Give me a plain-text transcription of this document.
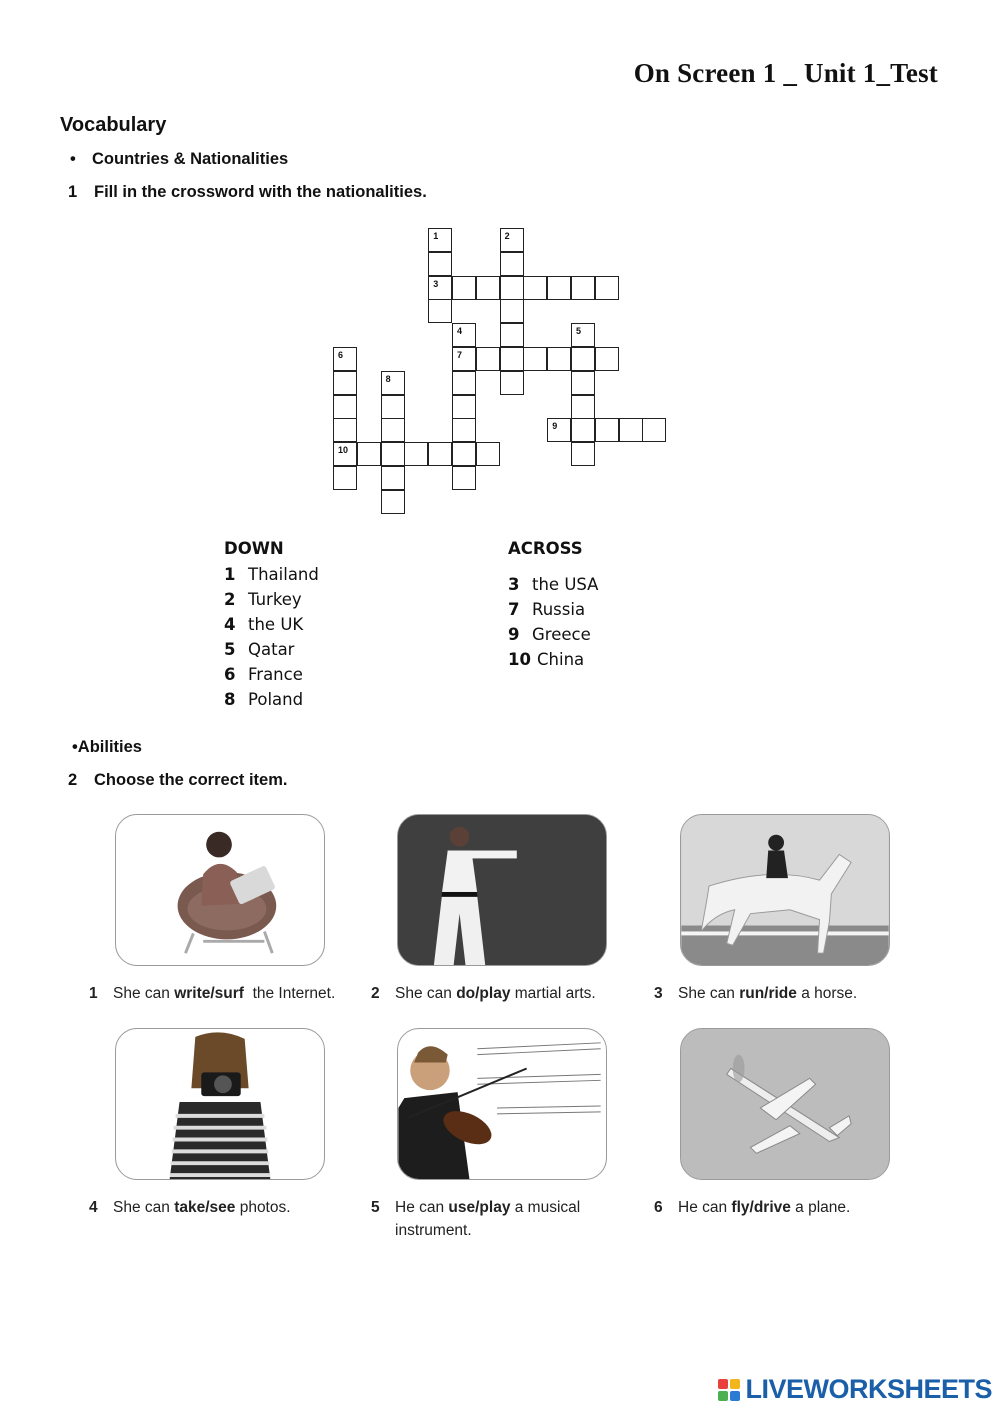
On Screen 1 _ Unit 1_Test
Vocabulary
• Countries & Nationalities
1 Fill in the crossword with the nationalities.
1	2
3
4	5
6	7
8
9
10
DOWN
1 Thailand
2 Turkey
4 the UK
5 Qatar
6 France
8 Poland
ACROSS
3 the USA
7 Russia
9 Greece
10 China
•Abilities
2 Choose the correct item.
1 She can write/surf  the Internet. 2 She can do/play martial arts.	3 She can run/ride a horse.
4 She can take/see photos.	5 He can use/play a musical
instrument.
6 He can fly/drive a plane.
LIVEWORKSHEETS
